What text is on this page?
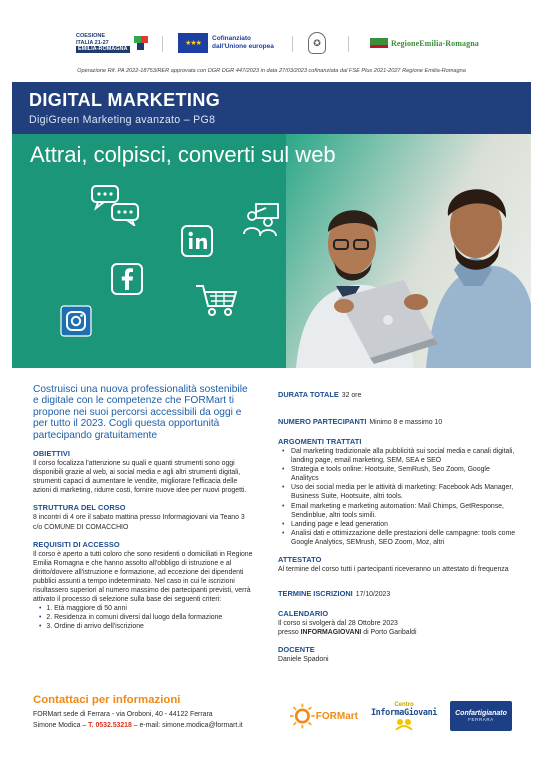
COESIONE
ITALIA 21-27
EMILIA-ROMAGNA
★★★
Cofinanziato
dall'Unione europea	✪	RegioneEmilia-Romagna
Operazione Rif. PA 2022-18753/RER approvata con DGR DGR 447/2023 in data 27/03/2023 cofinanziata dal FSE Plus 2021-2027 Regione Emilia-Romagna
DIGITAL MARKETING
DigiGreen Marketing avanzato – PG8
Attrai, colpisci, converti sul web

Costruisci una nuova professionalità sostenibile e digitale con le competenze che FORMart ti propone nei suoi percorsi accessibili da oggi e per tutto il 2023. Cogli questa opportunità partecipando gratuitamente

OBIETTIVI

Il corso focalizza l'attenzione su quali e quanti strumenti sono oggi disponibili grazie al web, ai social media e agli altri strumenti digitali, strumenti capaci di aumentare le vendite, migliorare l'efficacia delle azioni di marketing, ridurre costi, fornire nuove idee per nuovi progetti.

STRUTTURA DEL CORSO

8 incontri di 4 ore il sabato mattina presso Informagiovani via Teano 3 c/o COMUNE DI COMACCHIO

REQUISITI DI ACCESSO

Il corso è aperto a tutti coloro che sono residenti o domiciliati in Regione Emilia Romagna e che hanno assolto all'obbligo di istruzione e al diritto/dovere all'istruzione e formazione, ad eccezione dei dipendenti pubblici assunti a tempo indeterminato. Nel caso in cui le iscrizioni risultassero superiori al numero massimo dei partecipanti previsti, verrà attivato il processo di selezione sulla base dei seguenti criteri:

• 1. Età maggiore di 50 anni
• 2. Residenza in comuni diversi dal luogo della formazione
• 3. Ordine di arrivo dell'iscrizione
DURATA TOTALE 32 ore
NUMERO PARTECIPANTI Minimo 8 e massimo 10
ARGOMENTI TRATTATI
• Dal marketing tradizionale alla pubblicità sui social media e canali digitali, landing page, email marketing, SEM, SEA e SEO
• Strategia e tools online: Hootsuite, SemRush, Seo Zoom, Google Analitycs
• Uso dei social media per le attività di marketing: Facebook Ads Manager, Business Suite, Hootsuite, altri tools.
• Email marketing e marketing automation: Mail Chimps, GetResponse, Sendinblue, altri tools simili.
• Landing page e lead generation
• Analisi dati e ottimizzazione delle prestazioni delle campagne: tools come Google Analytics, SEMrush, SEO Zoom, Moz, altri
ATTESTATO

Al termine del corso tutti i partecipanti riceveranno un attestato di frequenza

TERMINE ISCRIZIONI 17/10/2023
CALENDARIO

Il corso si svolgerà dal 28 Ottobre 2023

presso INFORMAGIOVANI di Porto Garibaldi

DOCENTE

Daniele Spadoni

Contattaci per informazioni
FORMart sede di Ferrara - via Oroboni, 40 - 44122 Ferrara
Simone Modica – T. 0532.53218 – e-mail: simone.modica@formart.it
FORMart
Centro
InformaGiovani	Confartigianato
FERRARA
